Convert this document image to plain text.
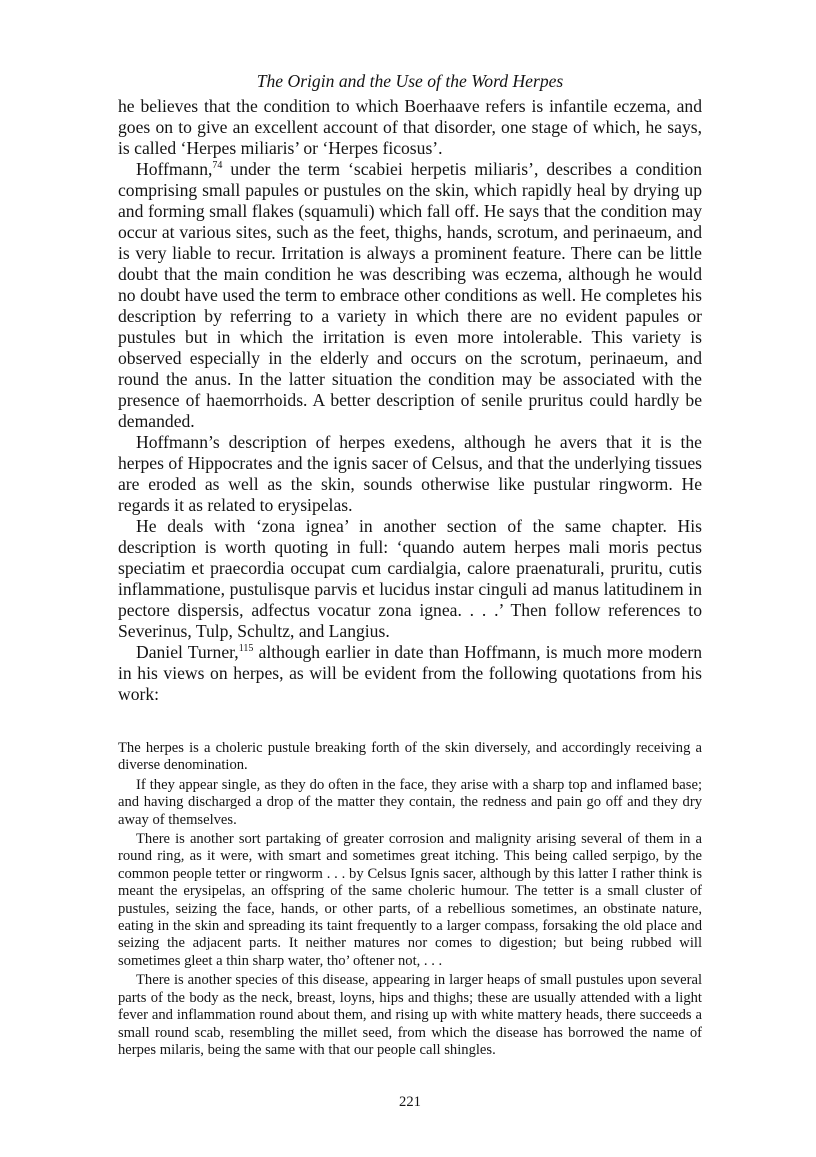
The Origin and the Use of the Word Herpes

he believes that the condition to which Boerhaave refers is infantile eczema, and goes on to give an excellent account of that disorder, one stage of which, he says, is called ‘Herpes miliaris’ or ‘Herpes ficosus’.

Hoffmann,$^{74}$ under the term ‘scabiei herpetis miliaris’, describes a condition comprising small papules or pustules on the skin, which rapidly heal by drying up and forming small flakes (squamuli) which fall off. He says that the condition may occur at various sites, such as the feet, thighs, hands, scrotum, and perinaeum, and is very liable to recur. Irritation is always a prominent feature. There can be little doubt that the main condition he was describing was eczema, although he would no doubt have used the term to embrace other conditions as well. He completes his description by referring to a variety in which there are no evident papules or pustules but in which the irritation is even more intolerable. This variety is observed especially in the elderly and occurs on the scrotum, perinaeum, and round the anus. In the latter situation the condition may be associated with the presence of haemorrhoids. A better description of senile pruritus could hardly be demanded.

Hoffmann’s description of herpes exedens, although he avers that it is the herpes of Hippocrates and the ignis sacer of Celsus, and that the underlying tissues are eroded as well as the skin, sounds otherwise like pustular ringworm. He regards it as related to erysipelas.

He deals with ‘zona ignea’ in another section of the same chapter. His description is worth quoting in full: ‘quando autem herpes mali moris pectus speciatim et praecordia occupat cum cardialgia, calore praenaturali, pruritu, cutis inflammatione, pustulisque parvis et lucidus instar cinguli ad manus latitudinem in pectore dispersis, adfectus vocatur zona ignea. . . .’ Then follow references to Severinus, Tulp, Schultz, and Langius.

Daniel Turner,$^{115}$ although earlier in date than Hoffmann, is much more modern in his views on herpes, as will be evident from the following quotations from his work:

The herpes is a choleric pustule breaking forth of the skin diversely, and accordingly receiving a diverse denomination.

If they appear single, as they do often in the face, they arise with a sharp top and inflamed base; and having discharged a drop of the matter they contain, the redness and pain go off and they dry away of themselves.

There is another sort partaking of greater corrosion and malignity arising several of them in a round ring, as it were, with smart and sometimes great itching. This being called serpigo, by the common people tetter or ringworm . . . by Celsus Ignis sacer, although by this latter I rather think is meant the erysipelas, an offspring of the same choleric humour. The tetter is a small cluster of pustules, seizing the face, hands, or other parts, of a rebellious sometimes, an obstinate nature, eating in the skin and spreading its taint frequently to a larger compass, forsaking the old place and seizing the adjacent parts. It neither matures nor comes to digestion; but being rubbed will sometimes gleet a thin sharp water, tho’ oftener not, . . .

There is another species of this disease, appearing in larger heaps of small pustules upon several parts of the body as the neck, breast, loyns, hips and thighs; these are usually attended with a light fever and inflammation round about them, and rising up with white mattery heads, there succeeds a small round scab, resembling the millet seed, from which the disease has borrowed the name of herpes milaris, being the same with that our people call shingles.

221
